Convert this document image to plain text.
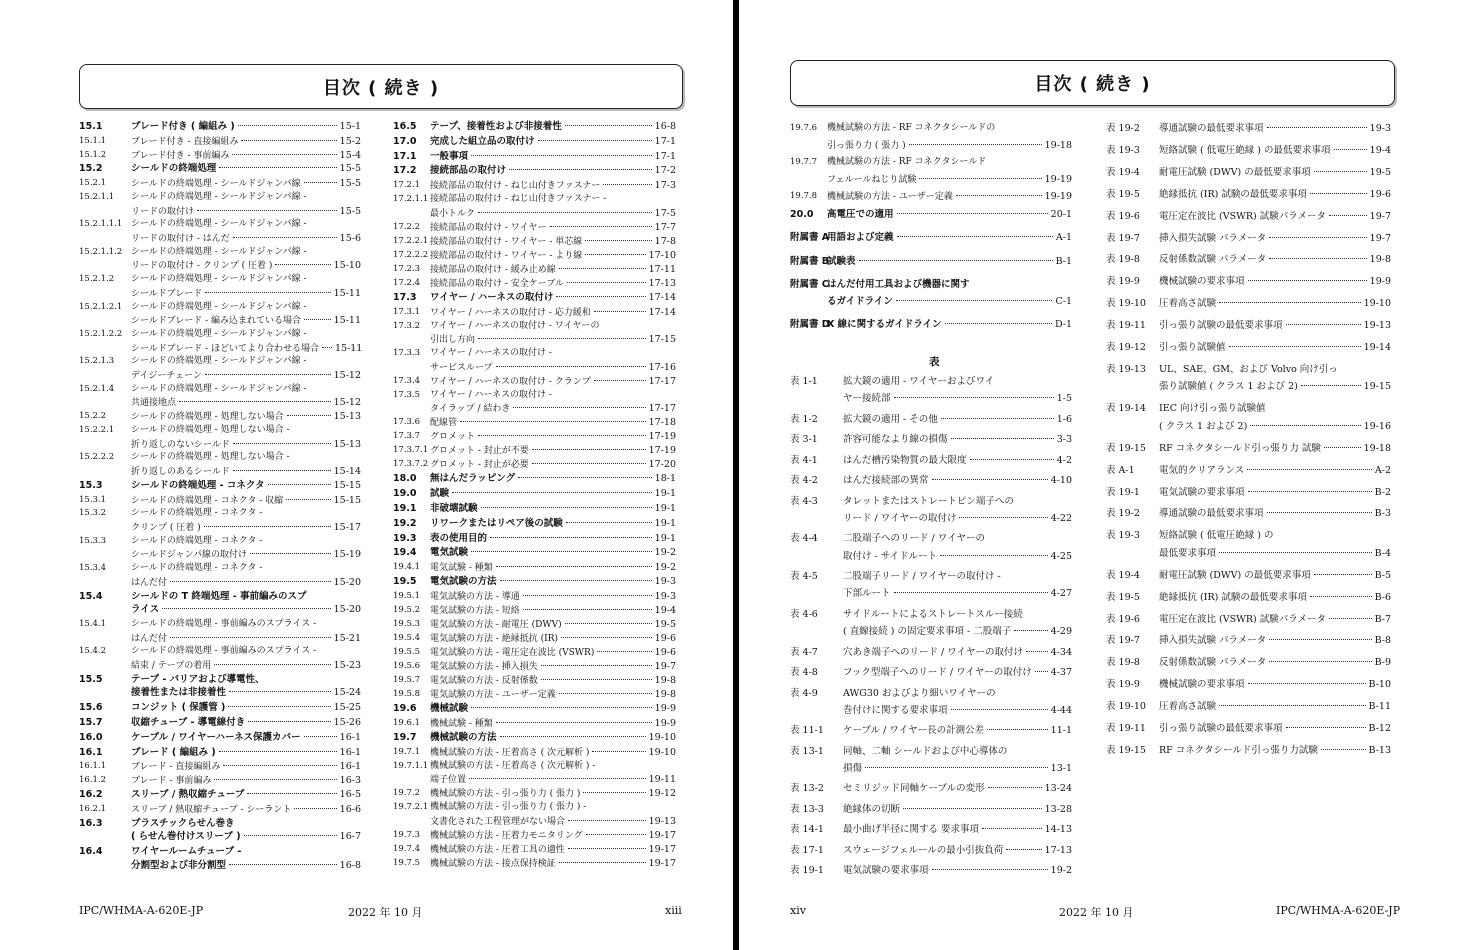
目次 ( 続き )
15.1	ブレード付き ( 編組み )	15-1
15.1.1	ブレード付き - 直接編組み	15-2
15.1.2	ブレード付き - 事前編み	15-4
15.2	シールドの終端処理	15-5
15.2.1	シールドの終端処理 - シールドジャンパ線	15-5
15.2.1.1 シールドの終端処理 - シールドジャンパ線 -
リードの取付け	15-5
15.2.1.1.1 シールドの終端処理 - シールドジャンパ線 -
リードの取付け - はんだ	15-6
15.2.1.1.2 シールドの終端処理 - シールドジャンパ線 -
リードの取付け - クリンプ ( 圧着 )	15-10
15.2.1.2 シールドの終端処理 - シールドジャンパ線 -
シールドブレード	15-11
15.2.1.2.1 シールドの終端処理 - シールドジャンパ線 -
シールドブレード - 編み込まれている場合	15-11
15.2.1.2.2 シールドの終端処理 - シールドジャンパ線 -
シールドブレード - ほどいてより合わせる場合 15-11
15.2.1.3 シールドの終端処理 - シールドジャンパ線 -
デイジーチェーン	15-12
15.2.1.4 シールドの終端処理 - シールドジャンパ線 -
共通接地点	15-12
15.2.2	シールドの終端処理 - 処理しない場合	15-13
15.2.2.1 シールドの終端処理 - 処理しない場合 -
折り返しのないシールド	15-13
15.2.2.2 シールドの終端処理 - 処理しない場合 -
折り返しのあるシールド	15-14
15.3	シールドの終端処理 - コネクタ	15-15
15.3.1	シールドの終端処理 - コネクタ - 収縮	15-15
15.3.2	シールドの終端処理 - コネクタ -
クリンプ ( 圧着 )	15-17
15.3.3	シールドの終端処理 - コネクタ -
シールドジャンパ線の取付け	15-19
15.3.4	シールドの終端処理 - コネクタ -
はんだ付	15-20
15.4	シールドの T 終端処理 - 事前編みのスプ
ライス	15-20
15.4.1	シールドの終端処理 - 事前編みのスプライス -
はんだ付	15-21
15.4.2	シールドの終端処理 - 事前編みのスプライス -
結束 / テープの着用	15-23
15.5	テープ - バリアおよび導電性、
接着性または非接着性	15-24
15.6	コンジット ( 保護管 )	15-25
15.7	収縮チューブ - 導電線付き	15-26
16.0	ケーブル / ワイヤーハーネス保護カバー	16-1
16.1	ブレード ( 編組み )	16-1
16.1.1	ブレード - 直接編組み	16-1
16.1.2	ブレード - 事前編み	16-3
16.2	スリーブ / 熱収縮チューブ	16-5
16.2.1	スリーブ / 熱収縮チューブ - シーラント	16-6
16.3	プラスチックらせん巻き
( らせん巻付けスリーブ )	16-7
16.4	ワイヤールームチューブ -
分割型および非分割型	16-8
16.5 テープ、接着性および非接着性	16-8
17.0 完成した組立品の取付け	17-1
17.1 一般事項	17-1
17.2 接続部品の取付け	17-2
17.2.1 接続部品の取付け - ねじ山付きファスナー	17-3
17.2.1.1 接続部品の取付け - ねじ山付きファスナー -
最小トルク	17-5
17.2.2 接続部品の取付け - ワイヤー	17-7
17.2.2.1 接続部品の取付け - ワイヤー - 単芯線	17-8
17.2.2.2 接続部品の取付け - ワイヤー - より線	17-10
17.2.3 接続部品の取付け - 緩み止め線	17-11
17.2.4 接続部品の取付け - 安全ケーブル	17-13
17.3 ワイヤー / ハーネスの取付け	17-14
17.3.1 ワイヤー / ハーネスの取付け - 応力緩和	17-14
17.3.2 ワイヤー / ハーネスの取付け - ワイヤーの
引出し方向	17-15
17.3.3 ワイヤー / ハーネスの取付け -
サービスループ	17-16
17.3.4 ワイヤー / ハーネスの取付け - クランプ	17-17
17.3.5 ワイヤー / ハーネスの取付け -
タイラップ / 結わき	17-17
17.3.6 配線管	17-18
17.3.7 グロメット	17-19
17.3.7.1 グロメット - 封止が不要	17-19
17.3.7.2 グロメット - 封止が必要	17-20
18.0 無はんだラッピング	18-1
19.0 試験	19-1
19.1 非破壊試験	19-1
19.2 リワークまたはリペア後の試験	19-1
19.3 表の使用目的	19-1
19.4 電気試験	19-2
19.4.1 電気試験 - 種類	19-2
19.5 電気試験の方法	19-3
19.5.1 電気試験の方法 - 導通	19-3
19.5.2 電気試験の方法 - 短絡	19-4
19.5.3 電気試験の方法 - 耐電圧 (DWV)	19-5
19.5.4 電気試験の方法 - 絶縁抵抗 (IR)	19-6
19.5.5 電気試験の方法 - 電圧定在波比 (VSWR)	19-6
19.5.6 電気試験の方法 - 挿入損失	19-7
19.5.7 電気試験の方法 - 反射係数	19-8
19.5.8 電気試験の方法 - ユーザー定義	19-8
19.6 機械試験	19-9
19.6.1 機械試験 - 種類	19-9
19.7 機械試験の方法	19-10
19.7.1 機械試験の方法 - 圧着高さ ( 次元解析 )	19-10
19.7.1.1 機械試験の方法 - 圧着高さ ( 次元解析 ) -
端子位置	19-11
19.7.2 機械試験の方法 - 引っ張り力 ( 張力 )	19-12
19.7.2.1 機械試験の方法 - 引っ張り力 ( 張力 ) -
文書化された工程管理がない場合	19-13
19.7.3 機械試験の方法 - 圧着力モニタリング	19-17
19.7.4 機械試験の方法 - 圧着工具の適性	19-17
19.7.5 機械試験の方法 - 接点保持検証	19-17
IPC/WHMA-A-620E-JP	2022 年 10 月	xiii
目次 ( 続き )
19.7.6 機械試験の方法 - RF コネクタシールドの
引っ張り力 ( 張力 )	19-18
19.7.7 機械試験の方法 - RF コネクタシールド
フェルールねじり試験	19-19
19.7.8 機械試験の方法 - ユーザー定義	19-19
20.0 高電圧での適用	20-1
附属書 A
用語および定義	A-1
附属書 B
試験表	B-1
附属書 C
はんだ付用工具および機器に関す
るガイドライン	C-1
附属書 D
X 線に関するガイドライン	D-1
表
表 1-1	拡大鏡の適用 - ワイヤーおよびワイ
ヤー接続部	1-5
表 1-2	拡大鏡の適用 - その他	1-6
表 3-1	許容可能なより線の損傷	3-3
表 4-1	はんだ槽汚染物質の最大限度	4-2
表 4-2	はんだ接続部の異常	4-10
表 4-3	タレットまたはストレートピン端子への
リード / ワイヤーの取付け	4-22
表 4-4	二股端子へのリード / ワイヤーの
取付け - サイドルート	4-25
表 4-5	二股端子リード / ワイヤーの取付け -
下部ルート	4-27
表 4-6	サイドルートによるストレートスルー接続
( 直線接続 ) の固定要求事項 - 二股端子	4-29
表 4-7	穴あき端子へのリード / ワイヤーの取付け	4-34
表 4-8	フック型端子へのリード / ワイヤーの取付け 4-37
表 4-9	AWG30 およびより細いワイヤーの
巻付けに関する要求事項	4-44
表 11-1 ケーブル / ワイヤー長の計測公差	11-1
表 13-1 同軸、二軸 シールドおよび中心導体の
損傷	13-1
表 13-2 セミリジッド同軸ケーブルの変形	13-24
表 13-3 絶縁体の切断	13-28
表 14-1 最小曲げ半径に関する 要求事項	14-13
表 17-1 スウェージフェルールの最小引抜負荷	17-13
表 19-1 電気試験の要求事項	19-2
表 19-2 導通試験の最低要求事項	19-3
表 19-3 短絡試験 ( 低電圧絶縁 ) の最低要求事項	19-4
表 19-4 耐電圧試験 (DWV) の最低要求事項	19-5
表 19-5 絶縁抵抗 (IR) 試験の最低要求事項	19-6
表 19-6 電圧定在波比 (VSWR) 試験パラメータ	19-7
表 19-7 挿入損失試験 パラメータ	19-7
表 19-8 反射係数試験 パラメータ	19-8
表 19-9 機械試験の要求事項	19-9
表 19-10 圧着高さ試験	19-10
表 19-11 引っ張り試験の最低要求事項	19-13
表 19-12 引っ張り試験値	19-14
表 19-13 UL、SAE、GM、および Volvo 向け引っ
張り試験値 ( クラス 1 および 2)	19-15
表 19-14 IEC 向け引っ張り試験値
( クラス 1 および 2)	19-16
表 19-15 RF コネクタシールド引っ張り力 試験	19-18
表 A-1	電気的クリアランス	A-2
表 19-1 電気試験の要求事項	B-2
表 19-2 導通試験の最低要求事項	B-3
表 19-3 短絡試験 ( 低電圧絶縁 ) の
最低要求事項	B-4
表 19-4 耐電圧試験 (DWV) の最低要求事項	B-5
表 19-5 絶縁抵抗 (IR) 試験の最低要求事項	B-6
表 19-6 電圧定在波比 (VSWR) 試験パラメータ	B-7
表 19-7 挿入損失試験 パラメータ	B-8
表 19-8 反射係数試験 パラメータ	B-9
表 19-9 機械試験の要求事項	B-10
表 19-10 圧着高さ試験	B-11
表 19-11 引っ張り試験の最低要求事項	B-12
表 19-15 RF コネクタシールド引っ張り力試験	B-13
xiv	2022 年 10 月	IPC/WHMA-A-620E-JP
